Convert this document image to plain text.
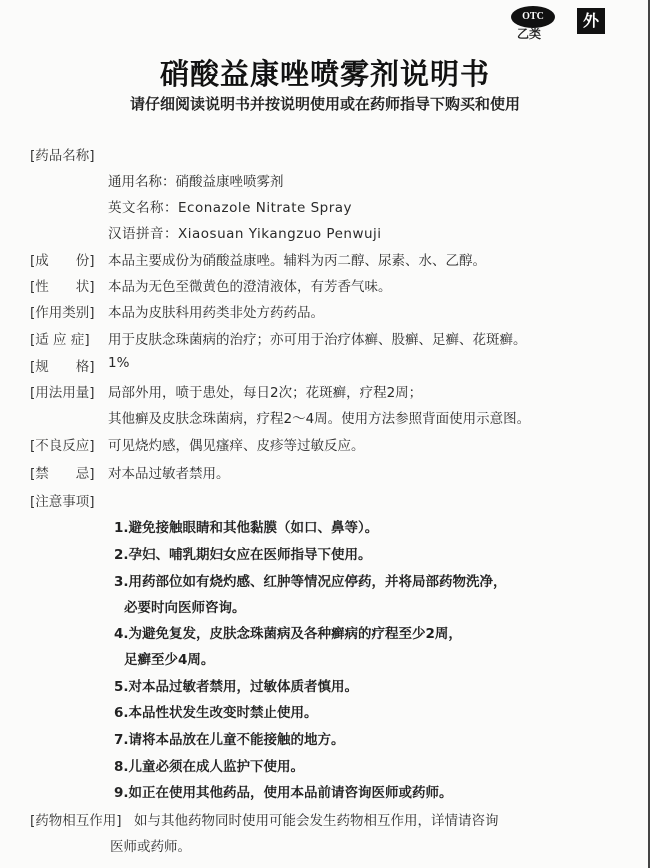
OTC
乙类
外
硝酸益康唑喷雾剂说明书
请仔细阅读说明书并按说明使用或在药师指导下购买和使用
[药品名称]
通用名称：硝酸益康唑喷雾剂
英文名称：Econazole Nitrate Spray
汉语拼音：Xiaosuan Yikangzuo Penwuji
[成　　份] 本品主要成份为硝酸益康唑。辅料为丙二醇、尿素、水、乙醇。
[性　　状] 本品为无色至微黄色的澄清液体，有芳香气味。
[作用类别] 本品为皮肤科用药类非处方药药品。
[适 应 症] 用于皮肤念珠菌病的治疗；亦可用于治疗体癣、股癣、足癣、花斑癣。
[规　　格] 1%
[用法用量] 局部外用，喷于患处，每日2次；花斑癣，疗程2周；
其他癣及皮肤念珠菌病，疗程2～4周。使用方法参照背面使用示意图。
[不良反应] 可见烧灼感，偶见瘙痒、皮疹等过敏反应。
[禁　　忌] 对本品过敏者禁用。
[注意事项]
1.避免接触眼睛和其他黏膜（如口、鼻等）。
2.孕妇、哺乳期妇女应在医师指导下使用。
3.用药部位如有烧灼感、红肿等情况应停药，并将局部药物洗净，
必要时向医师咨询。
4.为避免复发，皮肤念珠菌病及各种癣病的疗程至少2周，
足癣至少4周。
5.对本品过敏者禁用，过敏体质者慎用。
6.本品性状发生改变时禁止使用。
7.请将本品放在儿童不能接触的地方。
8.儿童必须在成人监护下使用。
9.如正在使用其他药品，使用本品前请咨询医师或药师。
[药物相互作用] 如与其他药物同时使用可能会发生药物相互作用，详情请咨询
医师或药师。
